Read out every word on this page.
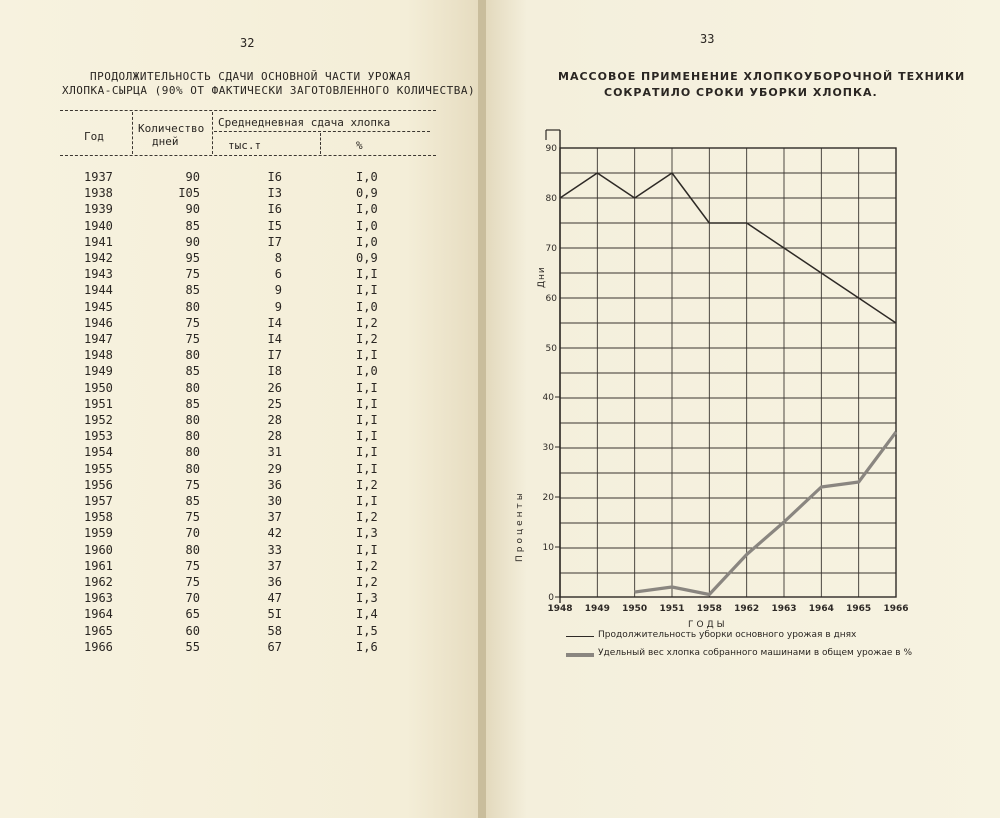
32
ПРОДОЛЖИТЕЛЬНОСТЬ СДАЧИ ОСНОВНОЙ ЧАСТИ УРОЖАЯ
ХЛОПКА-СЫРЦА (90% ОТ ФАКТИЧЕСКИ ЗАГОТОВЛЕННОГО КОЛИЧЕСТВА)
Год
Количество
дней
Среднедневная сдача хлопка
тыс.т	%
1937	90	I6	I,0
1938	I05	I3	0,9
1939	90	I6	I,0
1940	85	I5	I,0
1941	90	I7	I,0
1942	95	8	0,9
1943	75	6	I,I
1944	85	9	I,I
1945	80	9	I,0
1946	75	I4	I,2
1947	75	I4	I,2
1948	80	I7	I,I
1949	85	I8	I,0
1950	80	26	I,I
1951	85	25	I,I
1952	80	28	I,I
1953	80	28	I,I
1954	80	31	I,I
1955	80	29	I,I
1956	75	36	I,2
1957	85	30	I,I
1958	75	37	I,2
1959	70	42	I,3
1960	80	33	I,I
1961	75	37	I,2
1962	75	36	I,2
1963	70	47	I,3
1964	65	5I	I,4
1965	60	58	I,5
1966	55	67	I,6
33
МАССОВОЕ ПРИМЕНЕНИЕ ХЛОПКОУБОРОЧНОЙ ТЕХНИКИ
СОКРАТИЛО СРОКИ УБОРКИ ХЛОПКА.
Продолжительность уборки основного урожая в днях
Удельный вес хлопка собранного машинами в общем урожае в %
90
80
70
60
50
40
30
20
10
0
1948 1949 1950 1951 1958 1962 1963 1964 1965 1966
ГОДЫ
Дни
Проценты
